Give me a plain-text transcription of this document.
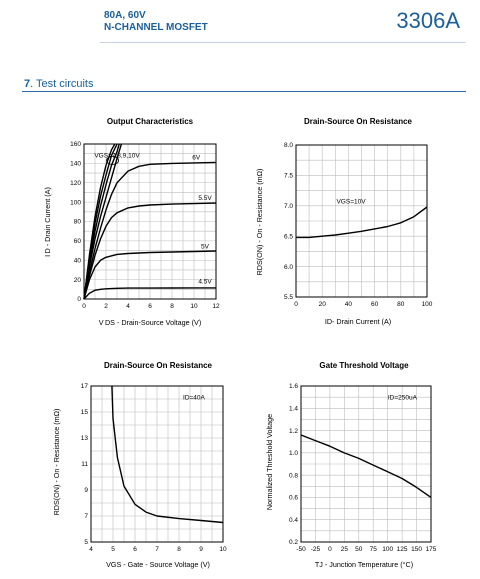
80A, 60V
N-CHANNEL MOSFET	3306A
7. Test circuits
Output Characteristics
0	2	4	6	8	10 12
0
20
40
60
80
100
120
140
160
V DS - Drain-Source Voltage (V)
I D - Drain Current (A)
4.5V
5V
5.5V
6V
VGS=7,8,9,10V
Drain-Source On Resistance
0	20	40	60	80	100
5.5
6.0
6.5
7.0
7.5
8.0
ID- Drain Current (A)
RDS(ON) - On - Resistance (mΩ)	VGS=10V
Drain-Source On Resistance
4	5	6	7	8	9	10
5
7
9
11
13
15
17
VGS - Gate - Source Voltage (V)
RDS(ON) - On - Resistance (mΩ)
ID=40A
Gate Threshold Voltage
-50 -25 0 25 50 75 100 125 150 175
0.2
0.4
0.6
0.8
1.0
1.2
1.4
1.6
TJ - Junction Temperature (°C)
Normalized Threshold Voltage
ID=250uA
